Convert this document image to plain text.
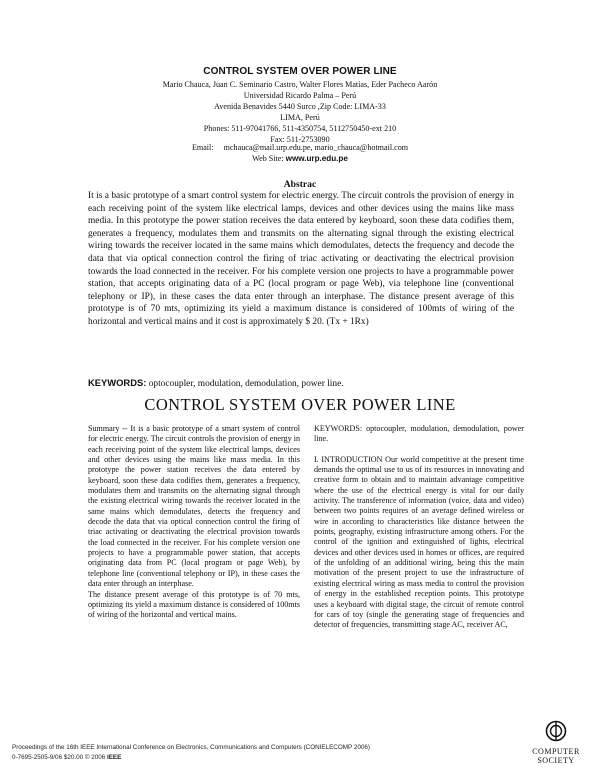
CONTROL SYSTEM OVER POWER LINE
Mario Chauca, Juan C. Seminario Castro, Walter Flores Matías, Eder Pacheco Aarón
Universidad Ricardo Palma – Perú
Avenida Benavides 5440 Surco ,Zip Code: LIMA-33
LIMA, Perú
Phones: 511-97041766, 511-4350754, 5112750450-ext 210
Fax: 511-2753090
Email: mchauca@mail.urp.edu.pe, mario_chauca@hotmail.com
Web Site: www.urp.edu.pe
Abstrac
It is a basic prototype of a smart control system for electric energy. The circuit controls the provision of energy in each receiving point of the system like electrical lamps, devices and other devices using the mains like mass media. In this prototype the power station receives the data entered by keyboard, soon these data codifies them, generates a frequency, modulates them and transmits on the alternating signal through the existing electrical wiring towards the receiver located in the same mains which demodulates, detects the frequency and decode the data that via optical connection control the firing of triac activating or deactivating the electrical provision towards the load connected in the receiver. For his complete version one projects to have a programmable power station, that accepts originating data of a PC (local program or page Web), via telephone line (conventional telephony or IP), in these cases the data enter through an interphase. The distance present average of this prototype is of 70 mts, optimizing its yield a maximum distance is considered of 100mts of wiring of the horizontal and vertical mains and it cost is approximately $ 20. (Tx + 1Rx)
KEYWORDS: optocoupler, modulation, demodulation, power line.
CONTROL SYSTEM OVER POWER LINE

Summary -- It is a basic prototype of a smart system of control for electric energy. The circuit controls the provision of energy in each receiving point of the system like electrical lamps, devices and other devices using the mains like mass media. In this prototype the power station receives the data entered by keyboard, soon these data codifies them, generates a frequency, modulates them and transmits on the alternating signal through the existing electrical wiring towards the receiver located in the same mains which demodulates, detects the frequency and decode the data that via optical connection control the firing of triac activating or deactivating the electrical provision towards the load connected in the receiver. For his complete version one projects to have a programmable power station, that accepts originating data from PC (local program or page Web), by telephone line (conventional telephony or IP), in these cases the data enter through an interphase.

The distance present average of this prototype is of 70 mts, optimizing its yield a maximum distance is considered of 100mts of wiring of the horizontal and vertical mains.

KEYWORDS: optocoupler, modulation, demodulation, power line.

I. INTRODUCTION Our world competitive at the present time demands the optimal use to us of its resources in innovating and creative form to obtain and to maintain advantage competitive where the use of the electrical energy is vital for our daily activity. The transference of information (voice, data and video) between two points requires of an average defined wireless or wire in according to characteristics like distance between the points, geography, existing infrastructure among others. For the control of the ignition and extinguished of lights, electrical devices and other devices used in homes or offices, are required of the unfolding of an additional wiring, being this the main motivation of the present project to use the infrastructure of existing electrical wiring as mass media to control the provision of energy in the established reception points. This prototype uses a keyboard with digital stage, the circuit of remote control for cars of toy (single the generating stage of frequencies and detector of frequencies, transmitting stage AC, receiver AC,

Proceedings of the 16th IEEE International Conference on Electronics, Communications and Computers (CONIELECOMP 2006)
0-7695-2505-9/06 $20.00 © 2006 IEEE
COMPUTER
SOCIETY
